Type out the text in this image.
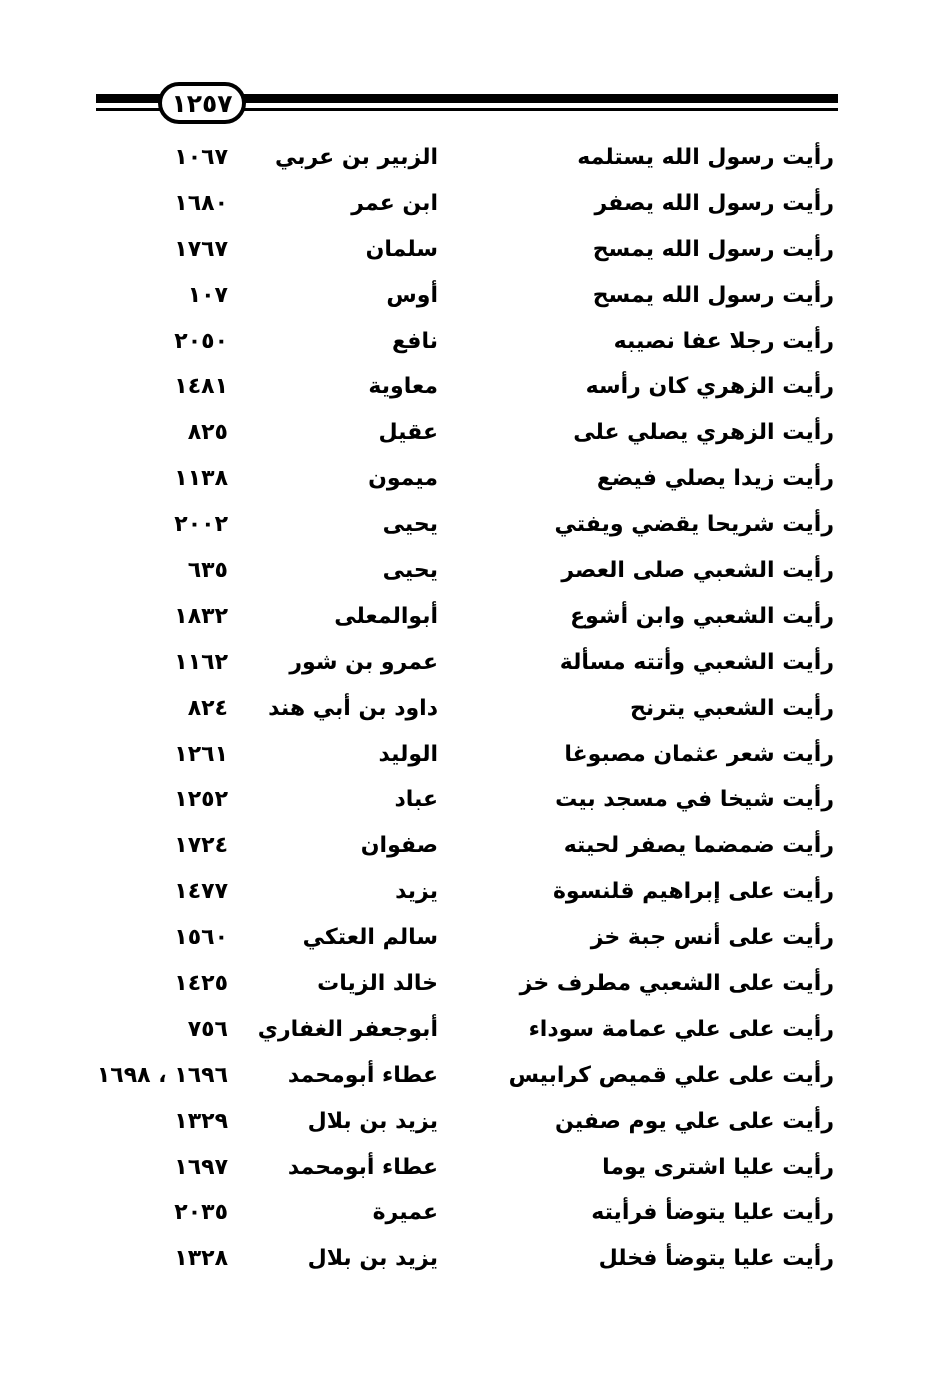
١٢٥٧
رأيت رسول الله يستلمه
الزبير بن عربي
١٠٦٧
رأيت رسول الله يصفر
ابن عمر
١٦٨٠
رأيت رسول الله يمسح
سلمان
١٧٦٧
رأيت رسول الله يمسح
أوس
١٠٧
رأيت رجلا عفا نصيبه
نافع
٢٠٥٠
رأيت الزهري كان رأسه
معاوية
١٤٨١
رأيت الزهري يصلي على
عقيل
٨٢٥
رأيت زيدا يصلي فيضع
ميمون
١١٣٨
رأيت شريحا يقضي ويفتي
يحيى
٢٠٠٢
رأيت الشعبي صلى العصر
يحيى
٦٣٥
رأيت الشعبي وابن أشوع
أبوالمعلى
١٨٣٢
رأيت الشعبي وأتته مسألة
عمرو بن شور
١١٦٢
رأيت الشعبي يترنح
داود بن أبي هند
٨٢٤
رأيت شعر عثمان مصبوغا
الوليد
١٢٦١
رأيت شيخا في مسجد بيت
عباد
١٢٥٢
رأيت ضمضما يصفر لحيته
صفوان
١٧٢٤
رأيت على إبراهيم قلنسوة
يزيد
١٤٧٧
رأيت على أنس جبة خز
سالم العتكي
١٥٦٠
رأيت على الشعبي مطرف خز
خالد الزيات
١٤٢٥
رأيت على علي عمامة سوداء
أبوجعفر الغفاري
٧٥٦
رأيت على علي قميص كرابيس
عطاء أبومحمد
١٦٩٦ ، ١٦٩٨
رأيت على علي يوم صفين
يزيد بن بلال
١٣٢٩
رأيت عليا اشترى يوما
عطاء أبومحمد
١٦٩٧
رأيت عليا يتوضأ فرأيته
عميرة
٢٠٣٥
رأيت عليا يتوضأ فخلل
يزيد بن بلال
١٣٢٨
